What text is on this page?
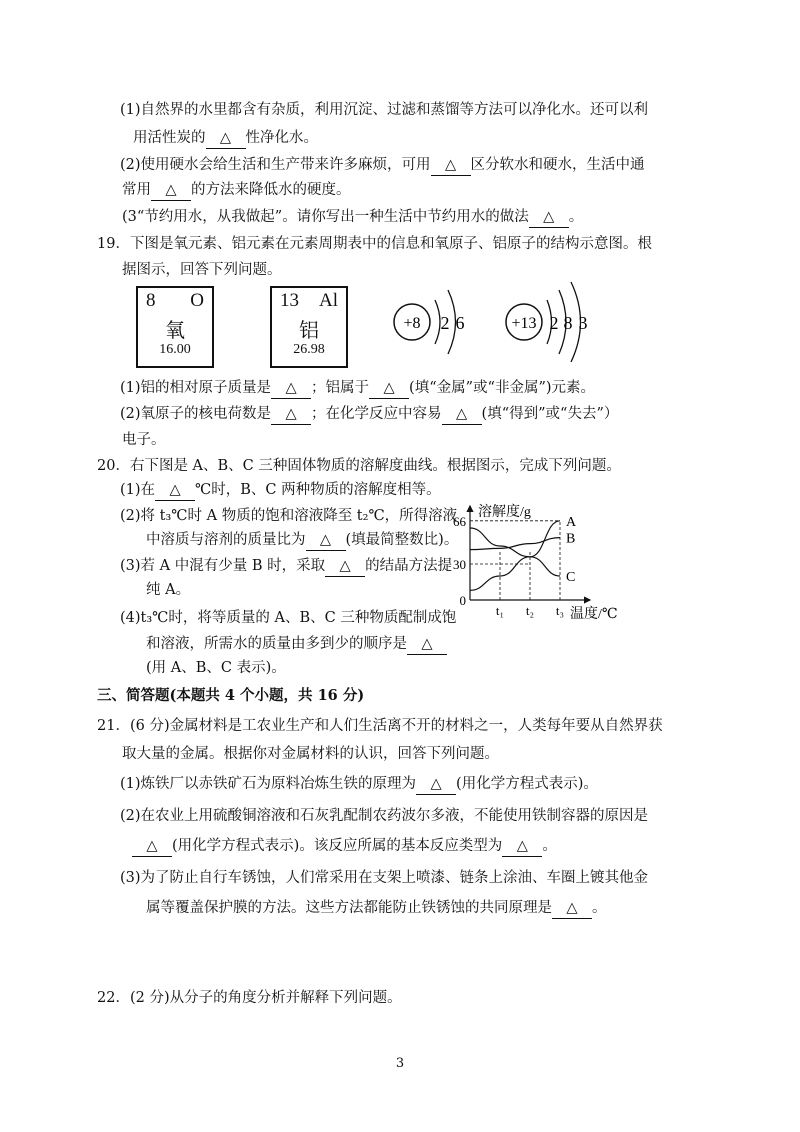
(1)自然界的水里都含有杂质，利用沉淀、过滤和蒸馏等方法可以净化水。还可以利
用活性炭的 △ 性净化水。
(2)使用硬水会给生活和生产带来许多麻烦，可用 △ 区分软水和硬水，生活中通
常用 △ 的方法来降低水的硬度。
(3“节约用水，从我做起”。请你写出一种生活中节约用水的做法 △ 。
19．下图是氧元素、铝元素在元素周期表中的信息和氧原子、铝原子的结构示意图。根
据图示，回答下列问题。
8 O
氧
16.00
13 Al
铝
26.98
+8 2 6	+13 2 8 3
(1)铝的相对原子质量是 △ ；铝属于 △ (填“金属”或“非金属”)元素。
(2)氧原子的核电荷数是 △ ；在化学反应中容易 △ (填“得到”或“失去”）
电子。
20．右下图是 A、B、C 三种固体物质的溶解度曲线。根据图示，完成下列问题。
(1)在 △ ℃时，B、C 两种物质的溶解度相等。
(2)将 t₃℃时 A 物质的饱和溶液降至 t₂℃，所得溶液
中溶质与溶剂的质量比为 △ (填最简整数比)。
(3)若 A 中混有少量 B 时，采取 △ 的结晶方法提
纯 A。
(4)t₃℃时，将等质量的 A、B、C 三种物质配制成饱
和溶液，所需水的质量由多到少的顺序是 △
(用 A、B、C 表示)。
溶解度/g
温度/℃
0
30
66
t₁ t₂ t₃
A
B
C
三、简答题(本题共 4 个小题，共 16 分)
21．(6 分)金属材料是工农业生产和人们生活离不开的材料之一，人类每年要从自然界获
取大量的金属。根据你对金属材料的认识，回答下列问题。
(1)炼铁厂以赤铁矿石为原料冶炼生铁的原理为 △ (用化学方程式表示)。
(2)在农业上用硫酸铜溶液和石灰乳配制农药波尔多液，不能使用铁制容器的原因是
△ (用化学方程式表示)。该反应所属的基本反应类型为 △ 。
(3)为了防止自行车锈蚀，人们常采用在支架上喷漆、链条上涂油、车圈上镀其他金
属等覆盖保护膜的方法。这些方法都能防止铁锈蚀的共同原理是 △ 。
22．(2 分)从分子的角度分析并解释下列问题。
3
